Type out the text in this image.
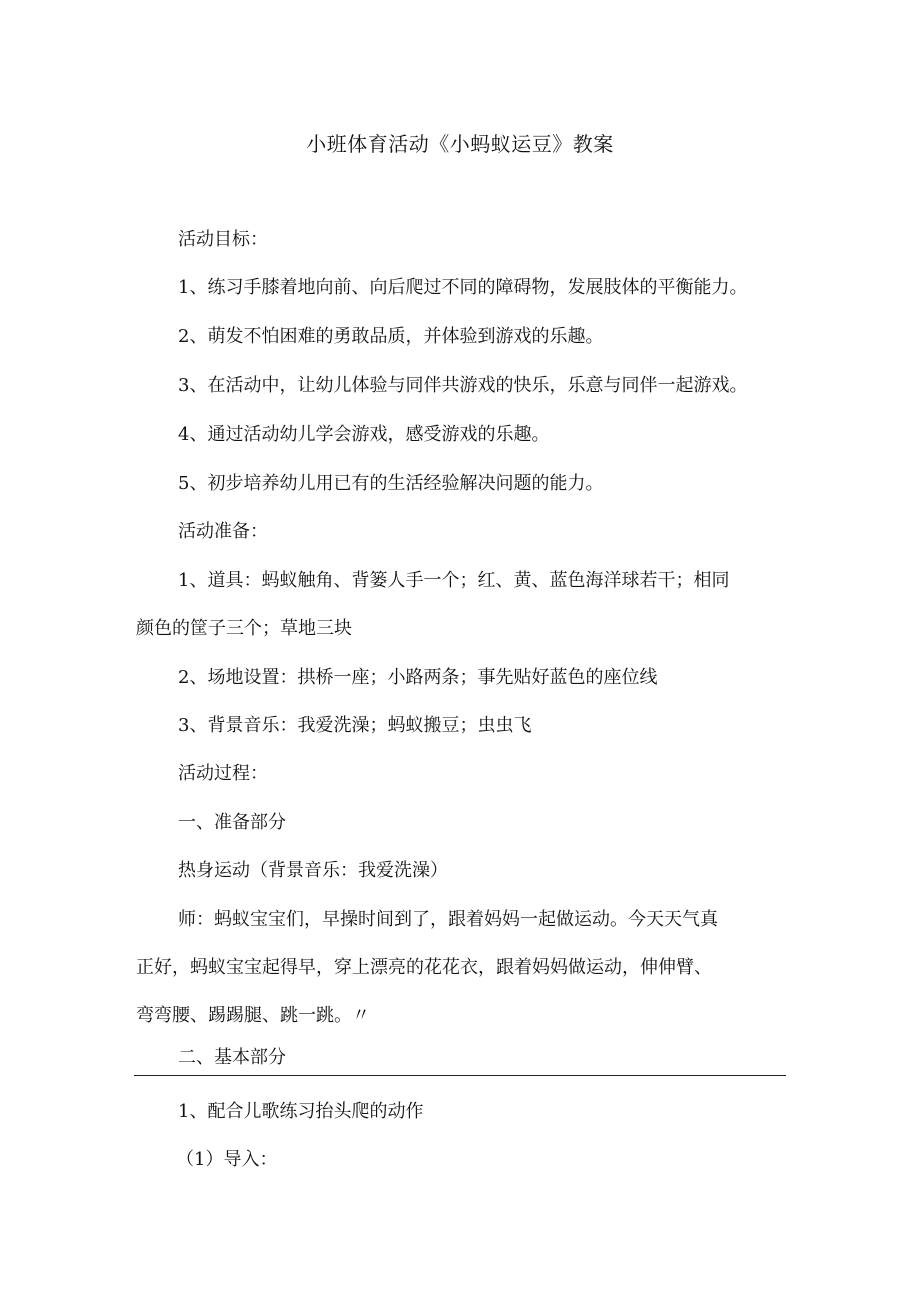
小班体育活动《小蚂蚁运豆》教案
活动目标：
1、练习手膝着地向前、向后爬过不同的障碍物，发展肢体的平衡能力。
2、萌发不怕困难的勇敢品质，并体验到游戏的乐趣。
3、在活动中，让幼儿体验与同伴共游戏的快乐，乐意与同伴一起游戏。
4、通过活动幼儿学会游戏，感受游戏的乐趣。
5、初步培养幼儿用已有的生活经验解决问题的能力。
活动准备：
1、道具：蚂蚁触角、背篓人手一个；红、黄、蓝色海洋球若干；相同
颜色的筐子三个；草地三块
2、场地设置：拱桥一座；小路两条；事先贴好蓝色的座位线
3、背景音乐：我爱洗澡；蚂蚁搬豆；虫虫飞
活动过程：
一、准备部分
热身运动（背景音乐：我爱洗澡）
师：蚂蚁宝宝们，早操时间到了，跟着妈妈一起做运动。今天天气真
正好，蚂蚁宝宝起得早，穿上漂亮的花花衣，跟着妈妈做运动，伸伸臂、
弯弯腰、踢踢腿、跳一跳。〃
二、基本部分
1、配合儿歌练习抬头爬的动作
（1）导入：
